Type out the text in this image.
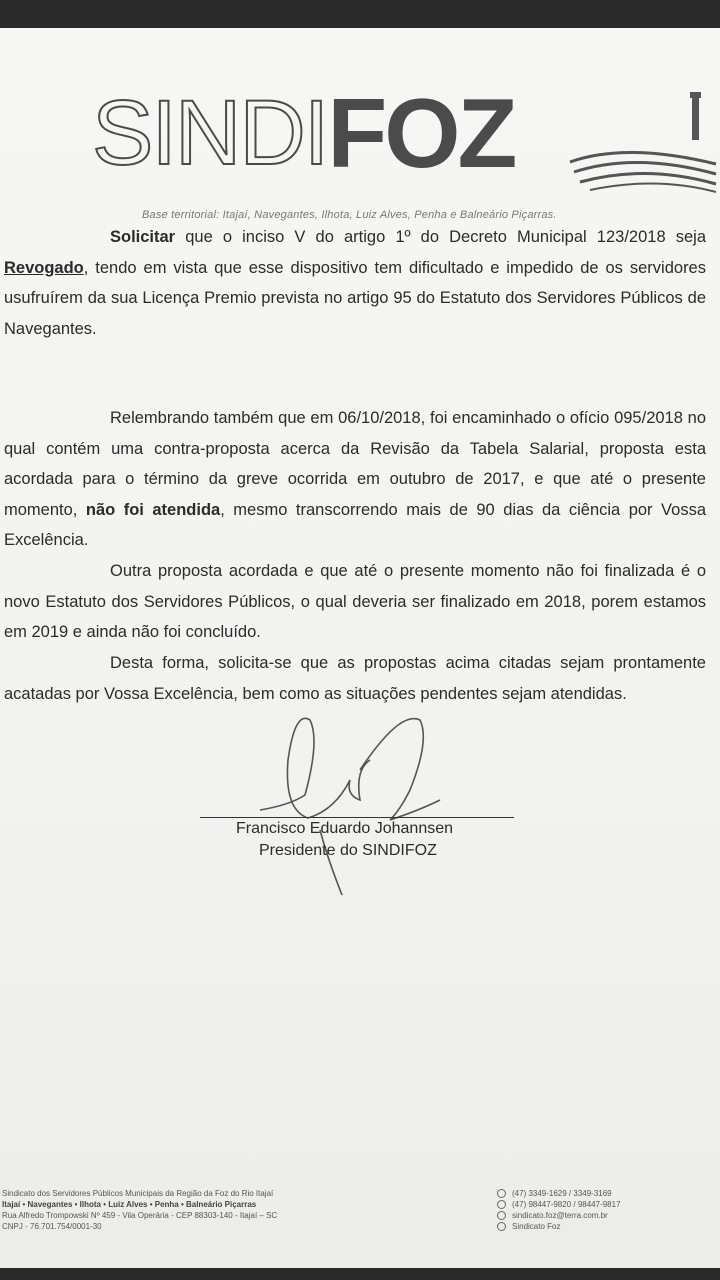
SINDI FOZ
Base territorial: Itajaí, Navegantes, Ilhota, Luiz Alves, Penha e Balneário Piçarras.
Solicitar que o inciso V do artigo 1º do Decreto Municipal 123/2018 seja Revogado, tendo em vista que esse dispositivo tem dificultado e impedido de os servidores usufruírem da sua Licença Premio prevista no artigo 95 do Estatuto dos Servidores Públicos de Navegantes.
Relembrando também que em 06/10/2018, foi encaminhado o ofício 095/2018 no qual contém uma contra-proposta acerca da Revisão da Tabela Salarial, proposta esta acordada para o término da greve ocorrida em outubro de 2017, e que até o presente momento, não foi atendida, mesmo transcorrendo mais de 90 dias da ciência por Vossa Excelência.
Outra proposta acordada e que até o presente momento não foi finalizada é o novo Estatuto dos Servidores Públicos, o qual deveria ser finalizado em 2018, porem estamos em 2019 e ainda não foi concluído.
Desta forma, solicita-se que as propostas acima citadas sejam prontamente acatadas por Vossa Excelência, bem como as situações pendentes sejam atendidas.
Francisco Eduardo Johannsen
Presidente do SINDIFOZ
Sindicato dos Servidores Públicos Municipais da Região da Foz do Rio Itajaí
Itajaí • Navegantes • Ilhota • Luiz Alves • Penha • Balneário Piçarras
Rua Alfredo Trompowski Nº 459 - Vila Operária - CEP 88303-140 - Itajaí – SC
CNPJ - 76.701.754/0001-30
(47) 3349-1629 / 3349-3169
(47) 98447-9820 / 98447-9817
sindicato.foz@terra.com.br
Sindicato Foz
